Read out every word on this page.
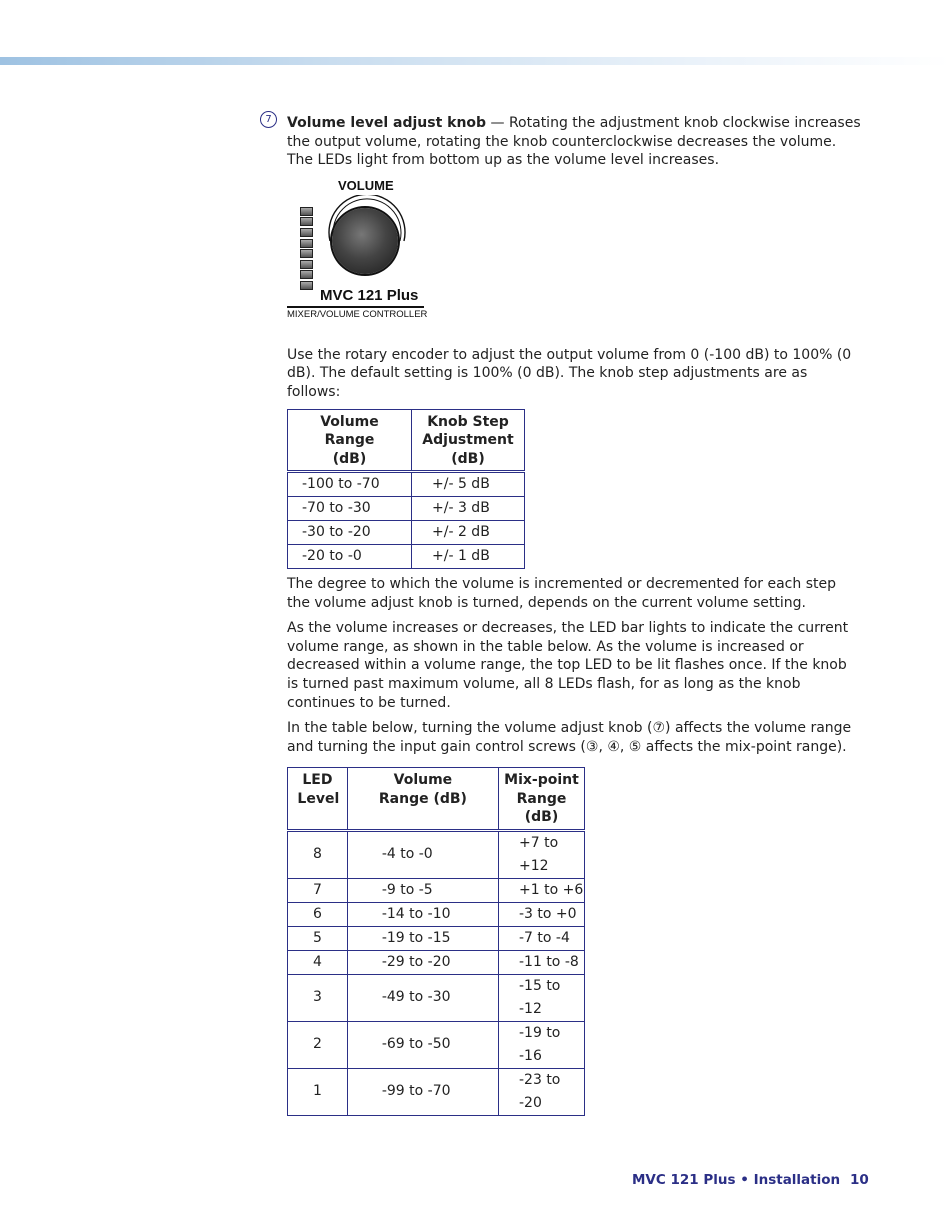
7	Volume level adjust knob — Rotating the adjustment knob clockwise increases the output volume, rotating the knob counterclockwise decreases the volume. The LEDs light from bottom up as the volume level increases.

VOLUME
MVC 121 Plus
MIXER/VOLUME CONTROLLER

Use the rotary encoder to adjust the output volume from 0 (-100 dB) to 100% (0 dB). The default setting is 100% (0 dB). The knob step adjustments are as follows:

Volume Range (dB)	Knob Step Adjustment (dB)
-100 to -70	+/- 5 dB
-70 to -30	+/- 3 dB
-30 to -20	+/- 2 dB
-20 to -0	+/- 1 dB

The degree to which the volume is incremented or decremented for each step the volume adjust knob is turned, depends on the current volume setting.

As the volume increases or decreases, the LED bar lights to indicate the current volume range, as shown in the table below. As the volume is increased or decreased within a volume range, the top LED to be lit flashes once. If the knob is turned past maximum volume, all 8 LEDs flash, for as long as the knob continues to be turned.

In the table below, turning the volume adjust knob (⑦) affects the volume range and turning the input gain control screws (③, ④, ⑤ affects the mix-point range).

LED Level	Volume Range (dB)	Mix-point Range (dB)
8	-4 to -0	+7 to +12
7	-9 to -5	+1 to +6
6	-14 to -10	-3 to +0
5	-19 to -15	-7 to -4
4	-29 to -20	-11 to -8
3	-49 to -30	-15 to -12
2	-69 to -50	-19 to -16
1	-99 to -70	-23 to -20
MVC 121 Plus • Installation 10
